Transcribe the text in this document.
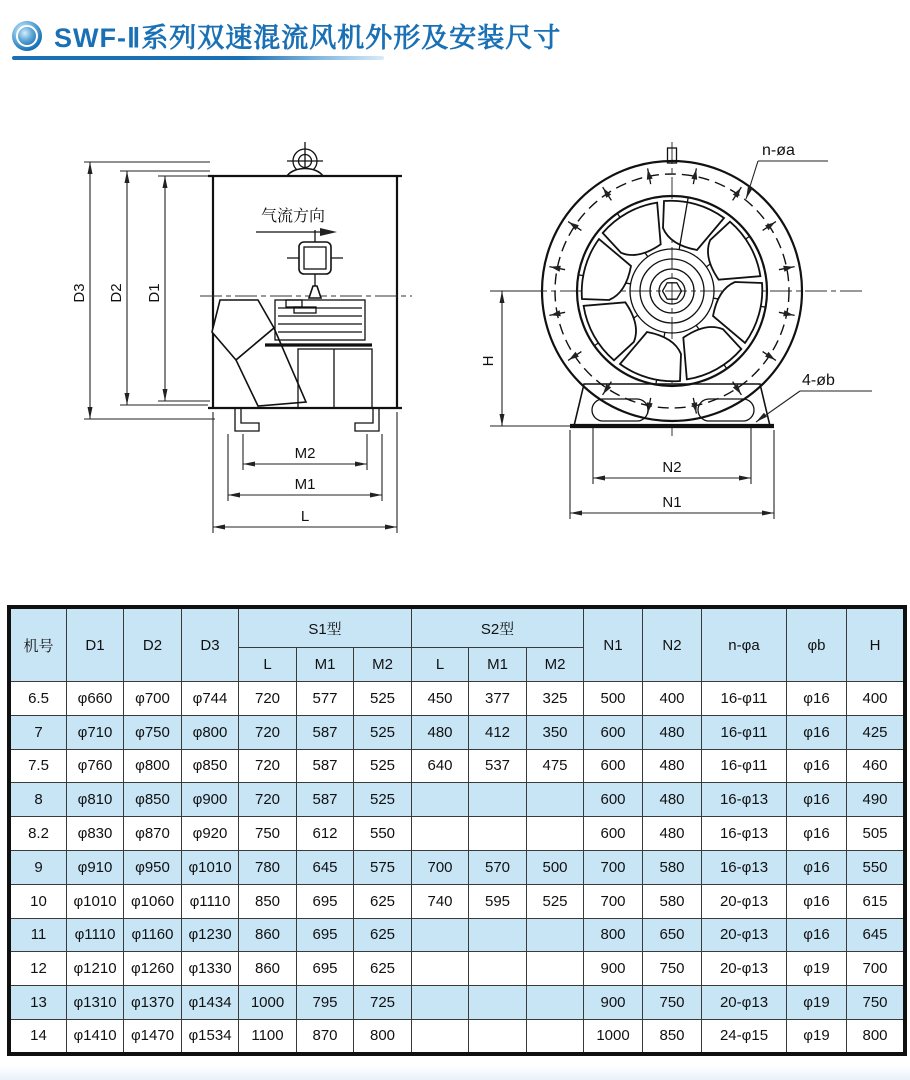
SWF-Ⅱ系列双速混流风机外形及安装尺寸
气流方向
D1
D2
D3
M2
M1
L
H
N2
N1
n-øa
4-øb
机号	D1	D2	D3	S1型			S2型			N1	N2	n-φa	φb	H
				L	M1	M2	L	M1	M2					
6.5	φ660	φ700	φ744	720	577	525	450	377	325	500	400	16-φ11	φ16	400
7	φ710	φ750	φ800	720	587	525	480	412	350	600	480	16-φ11	φ16	425
7.5	φ760	φ800	φ850	720	587	525	640	537	475	600	480	16-φ11	φ16	460
8	φ810	φ850	φ900	720	587	525				600	480	16-φ13	φ16	490
8.2	φ830	φ870	φ920	750	612	550				600	480	16-φ13	φ16	505
9	φ910	φ950	φ1010	780	645	575	700	570	500	700	580	16-φ13	φ16	550
10	φ1010	φ1060	φ1110	850	695	625	740	595	525	700	580	20-φ13	φ16	615
11	φ1110	φ1160	φ1230	860	695	625				800	650	20-φ13	φ16	645
12	φ1210	φ1260	φ1330	860	695	625				900	750	20-φ13	φ19	700
13	φ1310	φ1370	φ1434	1000	795	725				900	750	20-φ13	φ19	750
14	φ1410	φ1470	φ1534	1100	870	800				1000	850	24-φ15	φ19	800
